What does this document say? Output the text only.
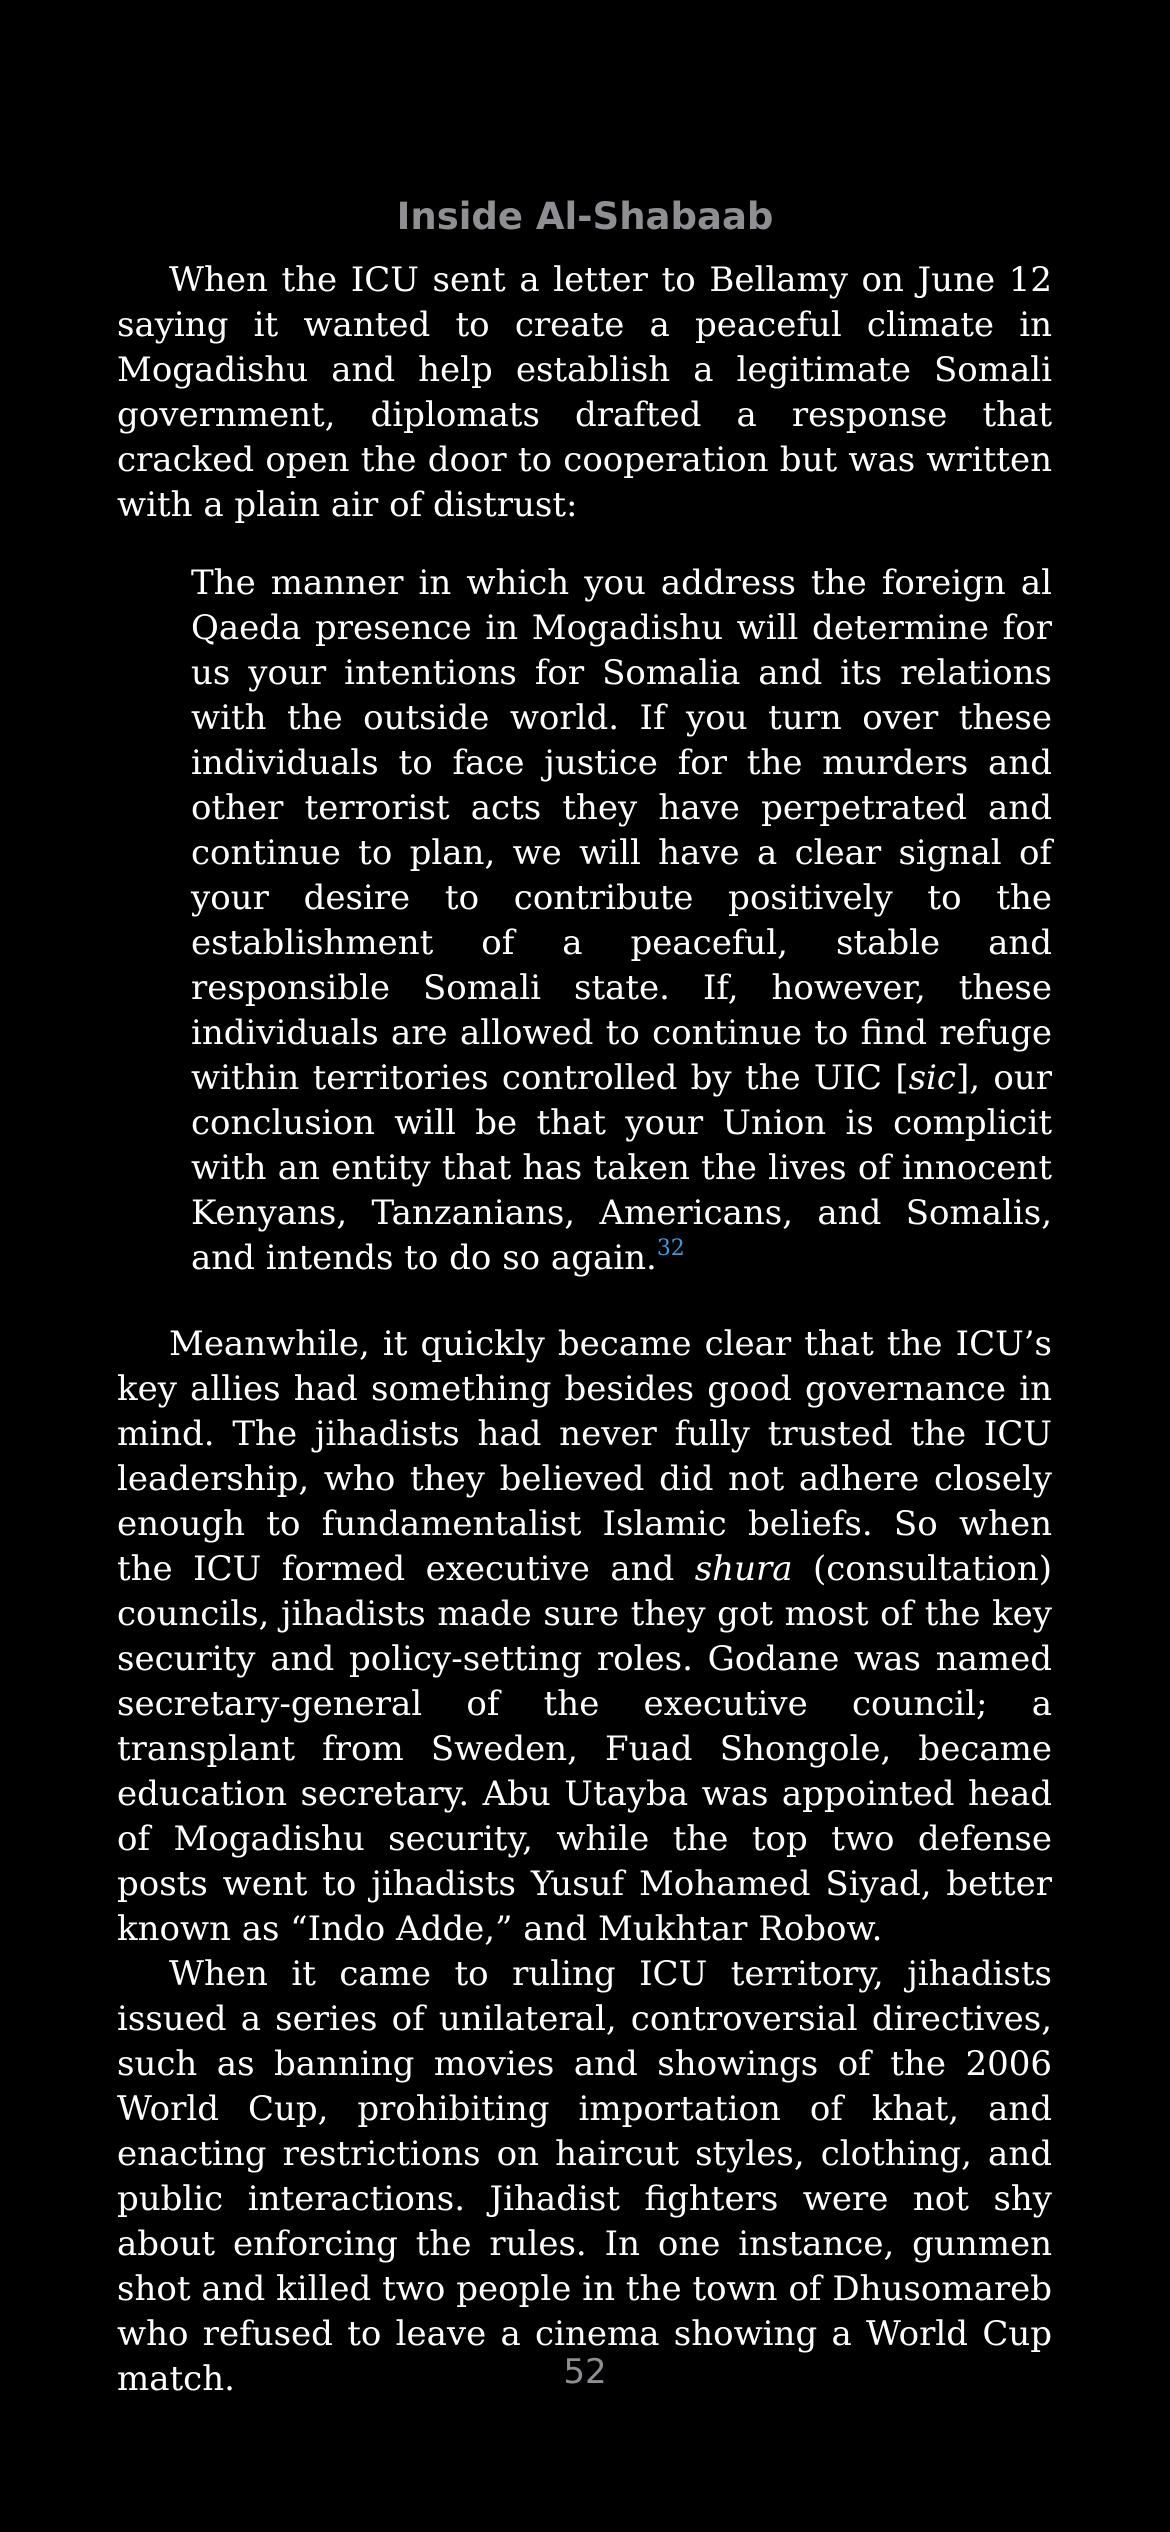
Inside Al-Shabaab

When the ICU sent a letter to Bellamy on June 12 saying it wanted to create a peaceful climate in Mogadishu and help establish a legitimate Somali government, diplomats drafted a response that cracked open the door to cooperation but was written with a plain air of distrust:

The manner in which you address the foreign al Qaeda presence in Mogadishu will determine for us your intentions for Somalia and its relations with the outside world. If you turn over these individuals to face justice for the murders and other terrorist acts they have perpetrated and continue to plan, we will have a clear signal of your desire to contribute positively to the establishment of a peaceful, stable and responsible Somali state. If, however, these individuals are allowed to continue to find refuge within territories controlled by the UIC [sic], our conclusion will be that your Union is complicit with an entity that has taken the lives of innocent Kenyans, Tanzanians, Americans, and Somalis, and intends to do so again.$^{32}$

Meanwhile, it quickly became clear that the ICU’s key allies had something besides good governance in mind. The jihadists had never fully trusted the ICU leadership, who they believed did not adhere closely enough to fundamentalist Islamic beliefs. So when the ICU formed executive and shura (consultation) councils, jihadists made sure they got most of the key security and policy-setting roles. Godane was named secretary-general of the executive council; a transplant from Sweden, Fuad Shongole, became education secretary. Abu Utayba was appointed head of Mogadishu security, while the top two defense posts went to jihadists Yusuf Mohamed Siyad, better known as “Indo Adde,” and Mukhtar Robow.

When it came to ruling ICU territory, jihadists issued a series of unilateral, controversial directives, such as banning movies and showings of the 2006 World Cup, prohibiting importation of khat, and enacting restrictions on haircut styles, clothing, and public interactions. Jihadist fighters were not shy about enforcing the rules. In one instance, gunmen shot and killed two people in the town of Dhusomareb who refused to leave a cinema showing a World Cup match.	52
